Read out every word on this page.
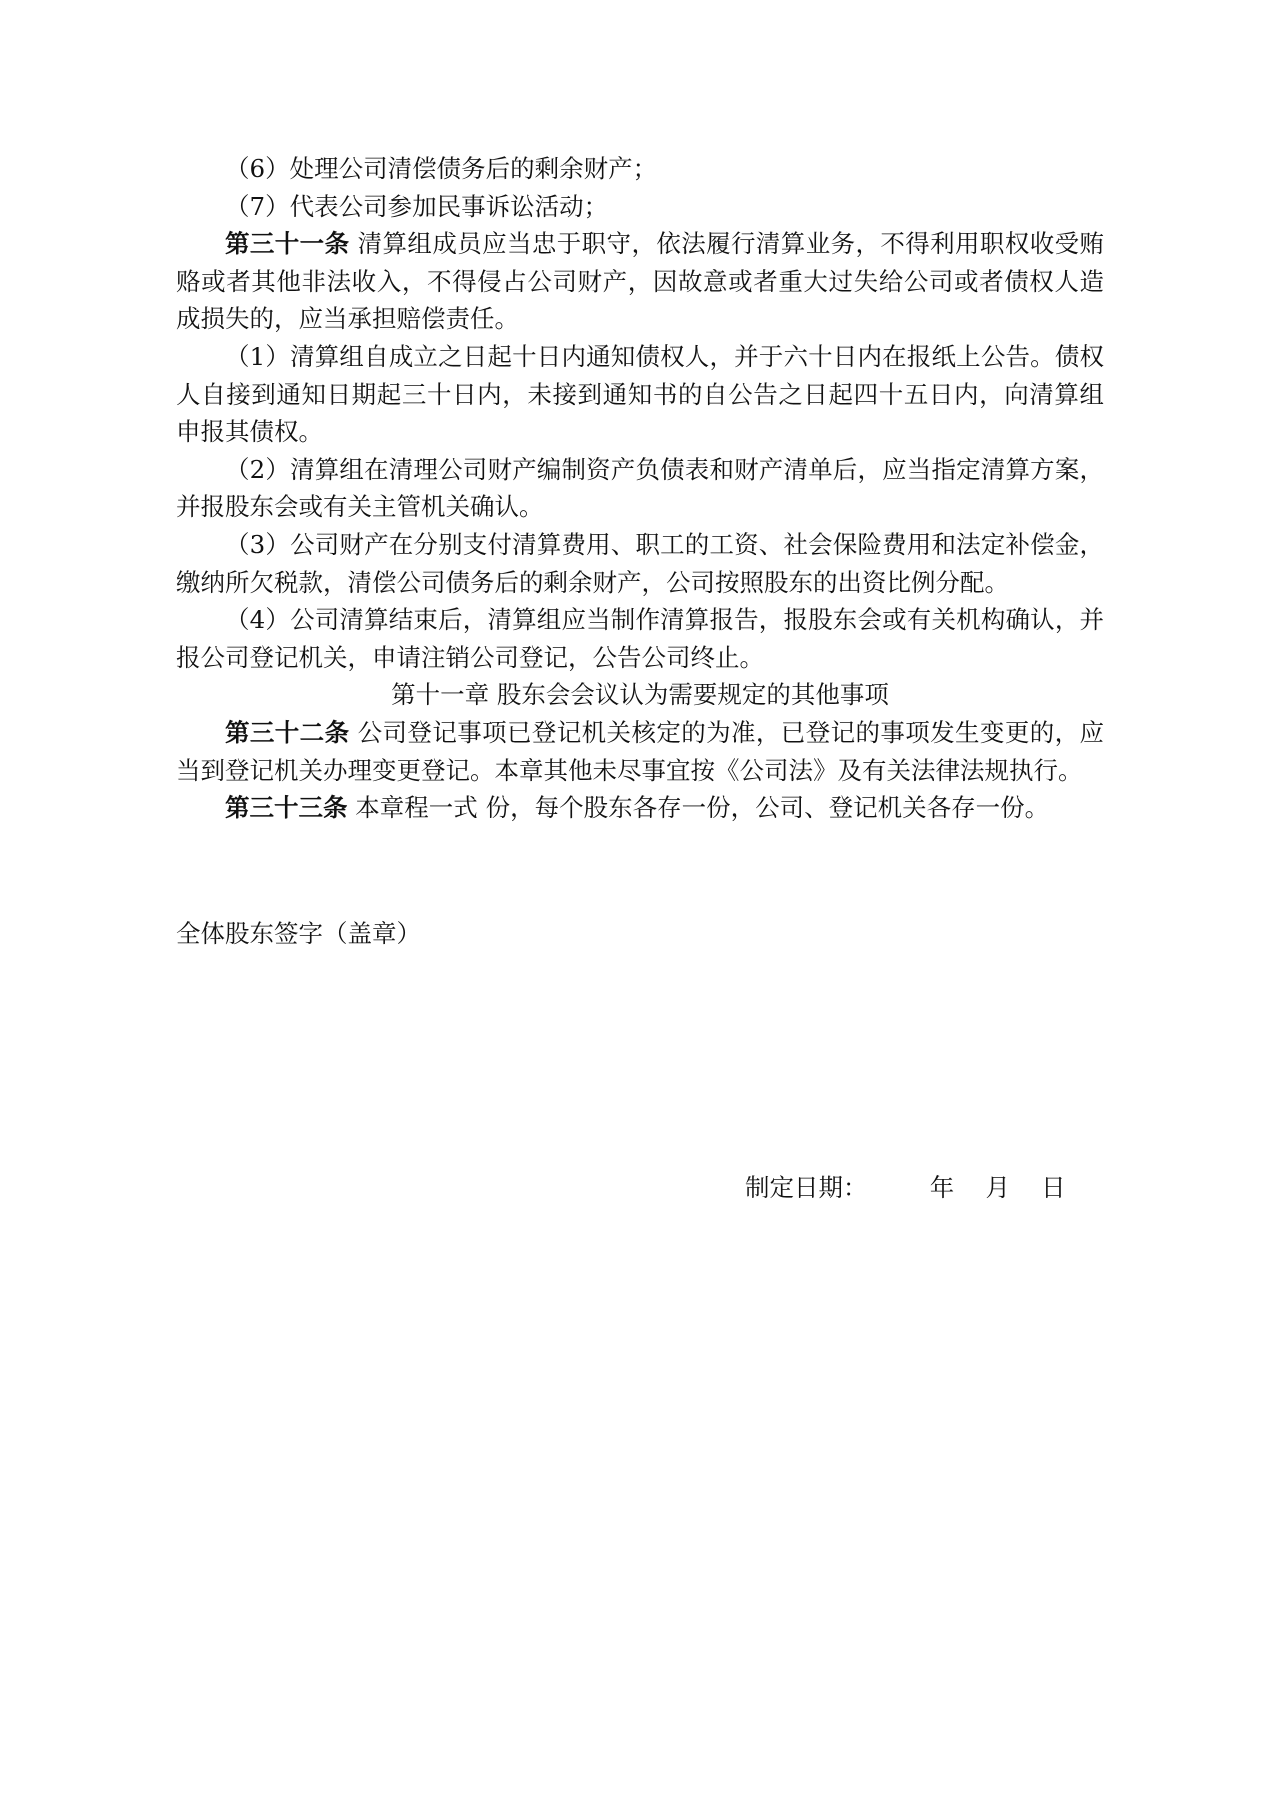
（6）处理公司清偿债务后的剩余财产；

（7）代表公司参加民事诉讼活动；

第三十一条 清算组成员应当忠于职守，依法履行清算业务，不得利用职权收受贿赂或者其他非法收入，不得侵占公司财产，因故意或者重大过失给公司或者债权人造成损失的，应当承担赔偿责任。

（1）清算组自成立之日起十日内通知债权人，并于六十日内在报纸上公告。债权人自接到通知日期起三十日内，未接到通知书的自公告之日起四十五日内，向清算组申报其债权。

（2）清算组在清理公司财产编制资产负债表和财产清单后，应当指定清算方案，并报股东会或有关主管机关确认。

（3）公司财产在分别支付清算费用、职工的工资、社会保险费用和法定补偿金，缴纳所欠税款，清偿公司债务后的剩余财产，公司按照股东的出资比例分配。

（4）公司清算结束后，清算组应当制作清算报告，报股东会或有关机构确认，并报公司登记机关，申请注销公司登记，公告公司终止。

第十一章 股东会会议认为需要规定的其他事项

第三十二条 公司登记事项已登记机关核定的为准，已登记的事项发生变更的，应当到登记机关办理变更登记。本章其他未尽事宜按《公司法》及有关法律法规执行。

第三十三条 本章程一式 份，每个股东各存一份，公司、登记机关各存一份。

全体股东签字（盖章）
制定日期：        年    月    日
